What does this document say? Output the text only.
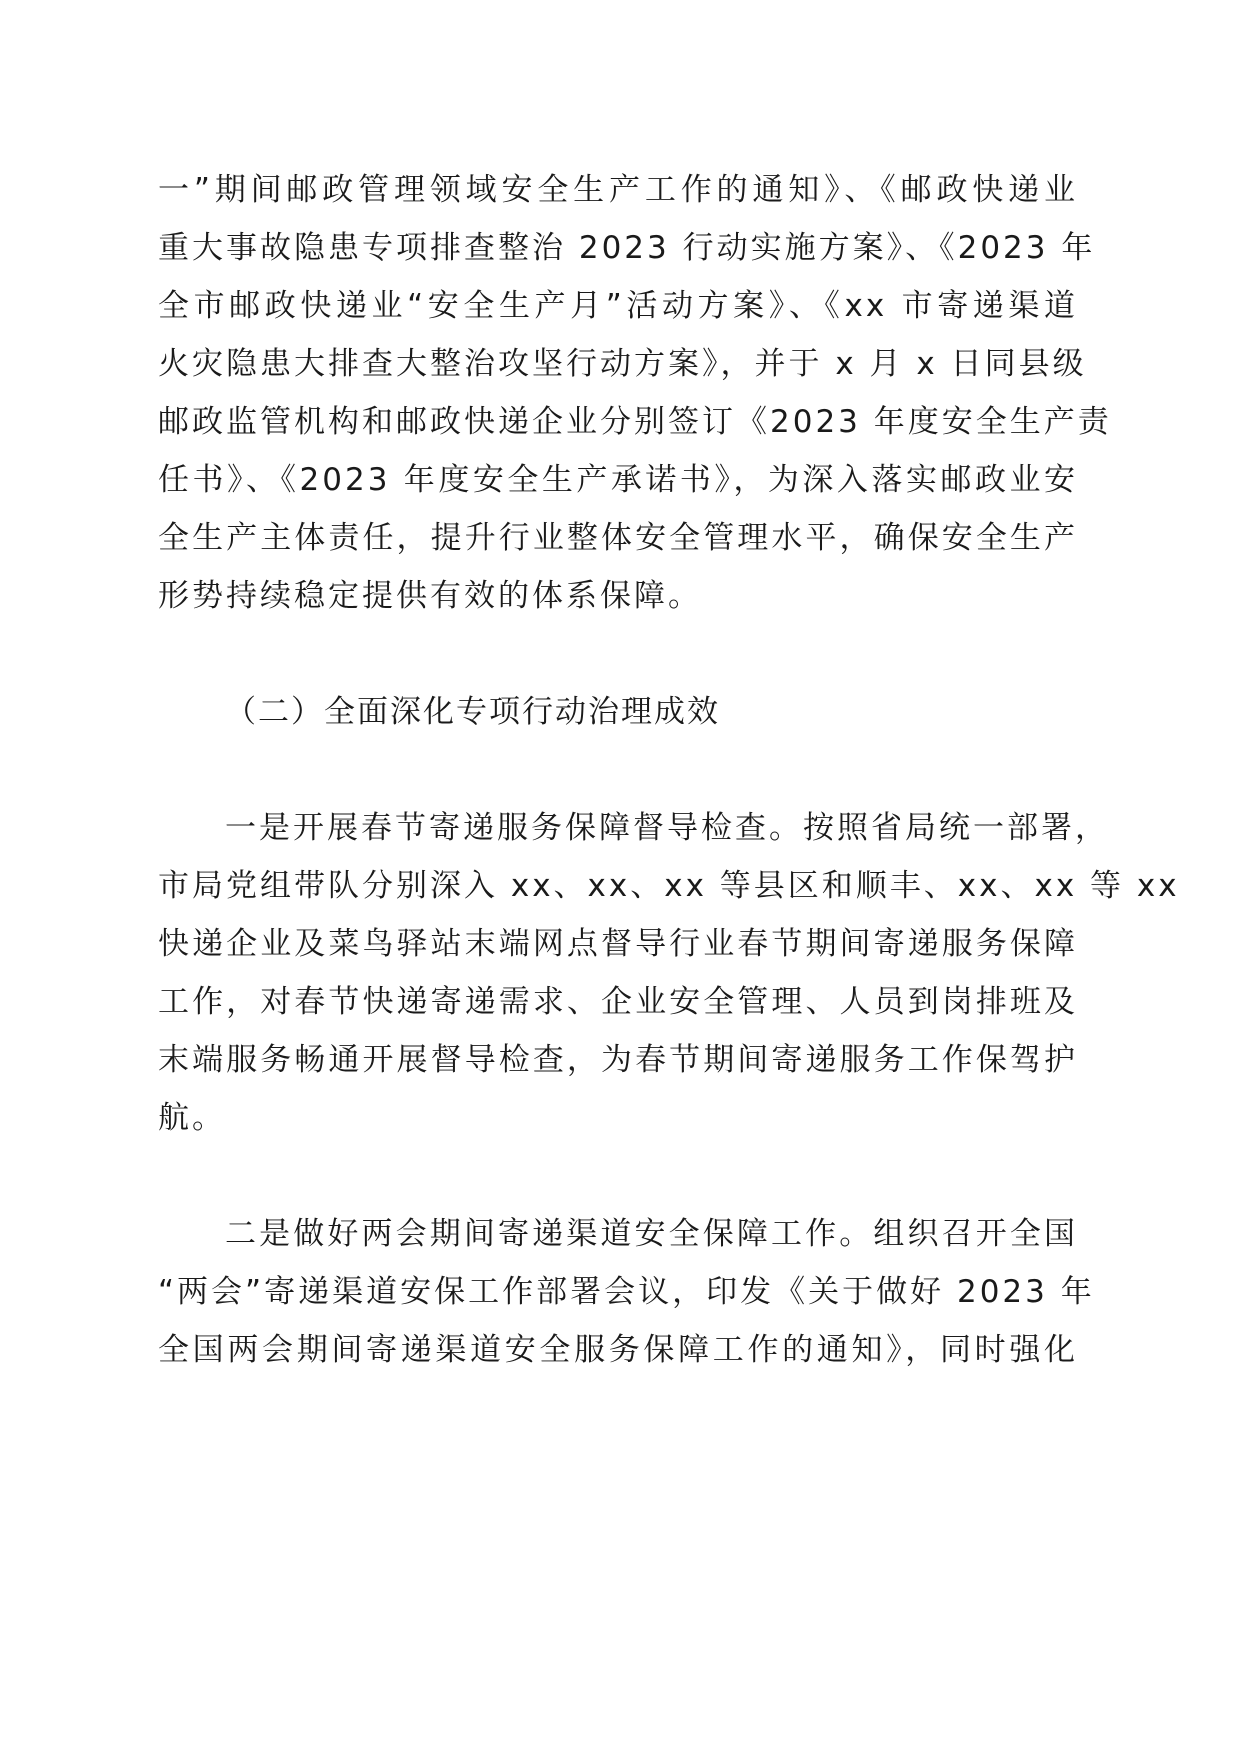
一”期间邮政管理领域安全生产工作的通知》、《邮政快递业
重大事故隐患专项排查整治 2023 行动实施方案》、《2023 年
全市邮政快递业“安全生产月”活动方案》、《xx 市寄递渠道
火灾隐患大排查大整治攻坚行动方案》，并于 x 月 x 日同县级
邮政监管机构和邮政快递企业分别签订《2023 年度安全生产责
任书》、《2023 年度安全生产承诺书》，为深入落实邮政业安
全生产主体责任，提升行业整体安全管理水平，确保安全生产
形势持续稳定提供有效的体系保障。
（二）全面深化专项行动治理成效
一是开展春节寄递服务保障督导检查。按照省局统一部署，
市局党组带队分别深入 xx、xx、xx 等县区和顺丰、xx、xx 等 xx
快递企业及菜鸟驿站末端网点督导行业春节期间寄递服务保障
工作，对春节快递寄递需求、企业安全管理、人员到岗排班及
末端服务畅通开展督导检查，为春节期间寄递服务工作保驾护
航。
二是做好两会期间寄递渠道安全保障工作。组织召开全国
“两会”寄递渠道安保工作部署会议，印发《关于做好 2023 年
全国两会期间寄递渠道安全服务保障工作的通知》，同时强化
